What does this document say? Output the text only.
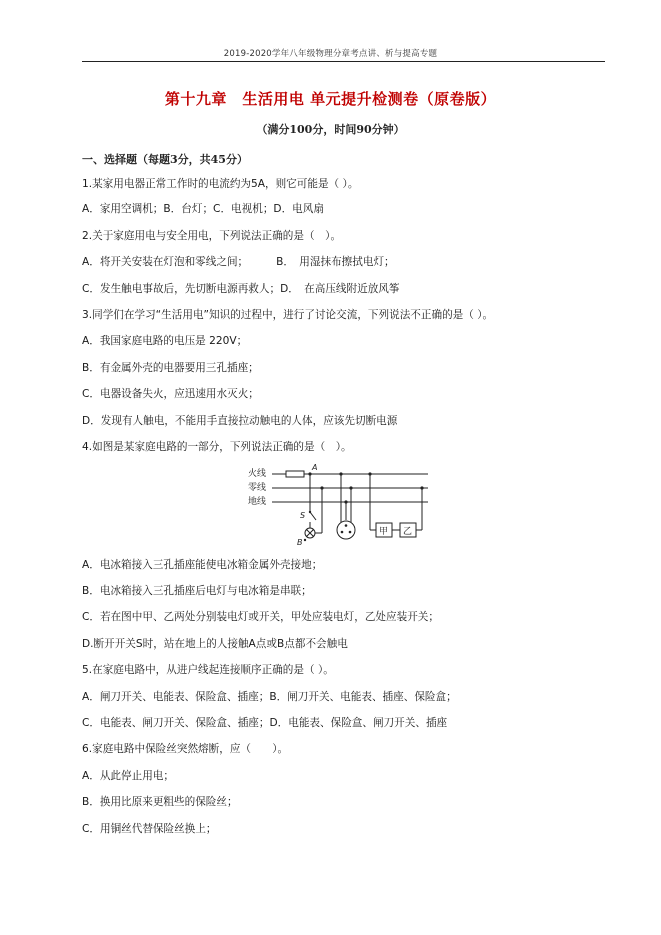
2019-2020学年八年级物理分章考点讲、析与提高专题
第十九章　生活用电 单元提升检测卷（原卷版）
（满分100分，时间90分钟）
一、选择题（每题3分，共45分）
1.某家用电器正常工作时的电流约为5A，则它可能是（ ）。
A．家用空调机；B．台灯；C．电视机；D．电风扇
2.关于家庭用电与安全用电，下列说法正确的是（　）。
A．将开关安装在灯泡和零线之间；	B．　用湿抹布擦拭电灯；
C．发生触电事故后，先切断电源再救人；D．　在高压线附近放风筝
3.同学们在学习“生活用电”知识的过程中，进行了讨论交流，下列说法不正确的是（ ）。
A．我国家庭电路的电压是 220V；
B．有金属外壳的电器要用三孔插座；
C．电器设备失火，应迅速用水灭火；
D．发现有人触电，不能用手直接拉动触电的人体，应该先切断电源
4.如图是某家庭电路的一部分，下列说法正确的是（　）。
火线
零线
地线
A
S
B
甲 乙
A．电冰箱接入三孔插座能使电冰箱金属外壳接地；
B．电冰箱接入三孔插座后电灯与电冰箱是串联；
C．若在图中甲、乙两处分别装电灯或开关，甲处应装电灯，乙处应装开关；
D.断开开关S时，站在地上的人接触A点或B点都不会触电
5.在家庭电路中，从进户线起连接顺序正确的是（ ）。
A．闸刀开关、电能表、保险盒、插座；B．闸刀开关、电能表、插座、保险盒；
C．电能表、闸刀开关、保险盒、插座；D．电能表、保险盒、闸刀开关、插座
6.家庭电路中保险丝突然熔断，应（　　）。
A．从此停止用电；
B．换用比原来更粗些的保险丝；
C．用铜丝代替保险丝换上；
